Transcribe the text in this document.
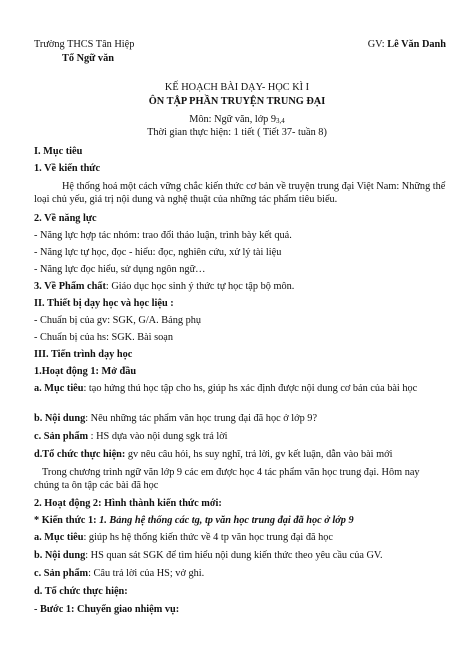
Trường THCS Tân Hiệp	GV: Lê Văn Danh
Tổ Ngữ văn
KẾ HOẠCH BÀI DẠY- HỌC KÌ I
ÔN TẬP PHẦN TRUYỆN TRUNG ĐẠI
Môn: Ngữ văn, lớp $9_{3,4}$
Thời gian thực hiện: 1 tiết ( Tiết 37- tuần 8)
I. Mục tiêu
1. Về kiến thức
Hệ thống hoá một cách vững chắc kiến thức cơ bản về truyện trung đại Việt Nam: Những thể loại chủ yếu, giá trị nội dung và nghệ thuật của những tác phẩm tiêu biểu.
2. Về năng lực
- Năng lực hợp tác nhóm: trao đổi thảo luận, trình bày kết quả.
- Năng lực tự học, đọc - hiểu: đọc, nghiên cứu, xử lý tài liệu
- Năng lực đọc hiểu, sử dụng ngôn ngữ…
3. Về Phẩm chất: Giáo dục học sinh ý thức tự học tập bộ môn.
II. Thiết bị dạy học và học liệu :
- Chuẩn bị của gv: SGK, G/A. Bảng phụ
- Chuẩn bị của hs: SGK. Bài soạn
III. Tiến trình dạy học
1.Hoạt động 1: Mở đầu
a. Mục tiêu: tạo hứng thú học tập cho hs, giúp hs xác định được nội dung cơ bản của bài học
b. Nội dung: Nêu những tác phẩm văn học trung đại đã học ở lớp 9?
c. Sản phẩm : HS dựa vào nội dung sgk trả lời
d.Tổ chức thực hiện: gv nêu câu hỏi, hs suy nghĩ, trả lời, gv kết luận, dẫn vào bài mới
Trong chương trình ngữ văn lớp 9 các em được học 4 tác phẩm văn học trung đại. Hôm nay chúng ta ôn tập các bài đã học
2. Hoạt động 2: Hình thành kiến thức mới:
* Kiến thức 1: 1. Bảng hệ thống các tg, tp văn học trung đại đã học ở lớp 9
a. Mục tiêu: giúp hs hệ thống kiến thức về 4 tp văn học trung đại đã học
b. Nội dung: HS quan sát SGK để tìm hiểu nội dung kiến thức theo yêu cầu của GV.
c. Sản phẩm: Câu trả lời của HS; vở ghi.
d. Tổ chức thực hiện:
- Bước 1: Chuyển giao nhiệm vụ:
